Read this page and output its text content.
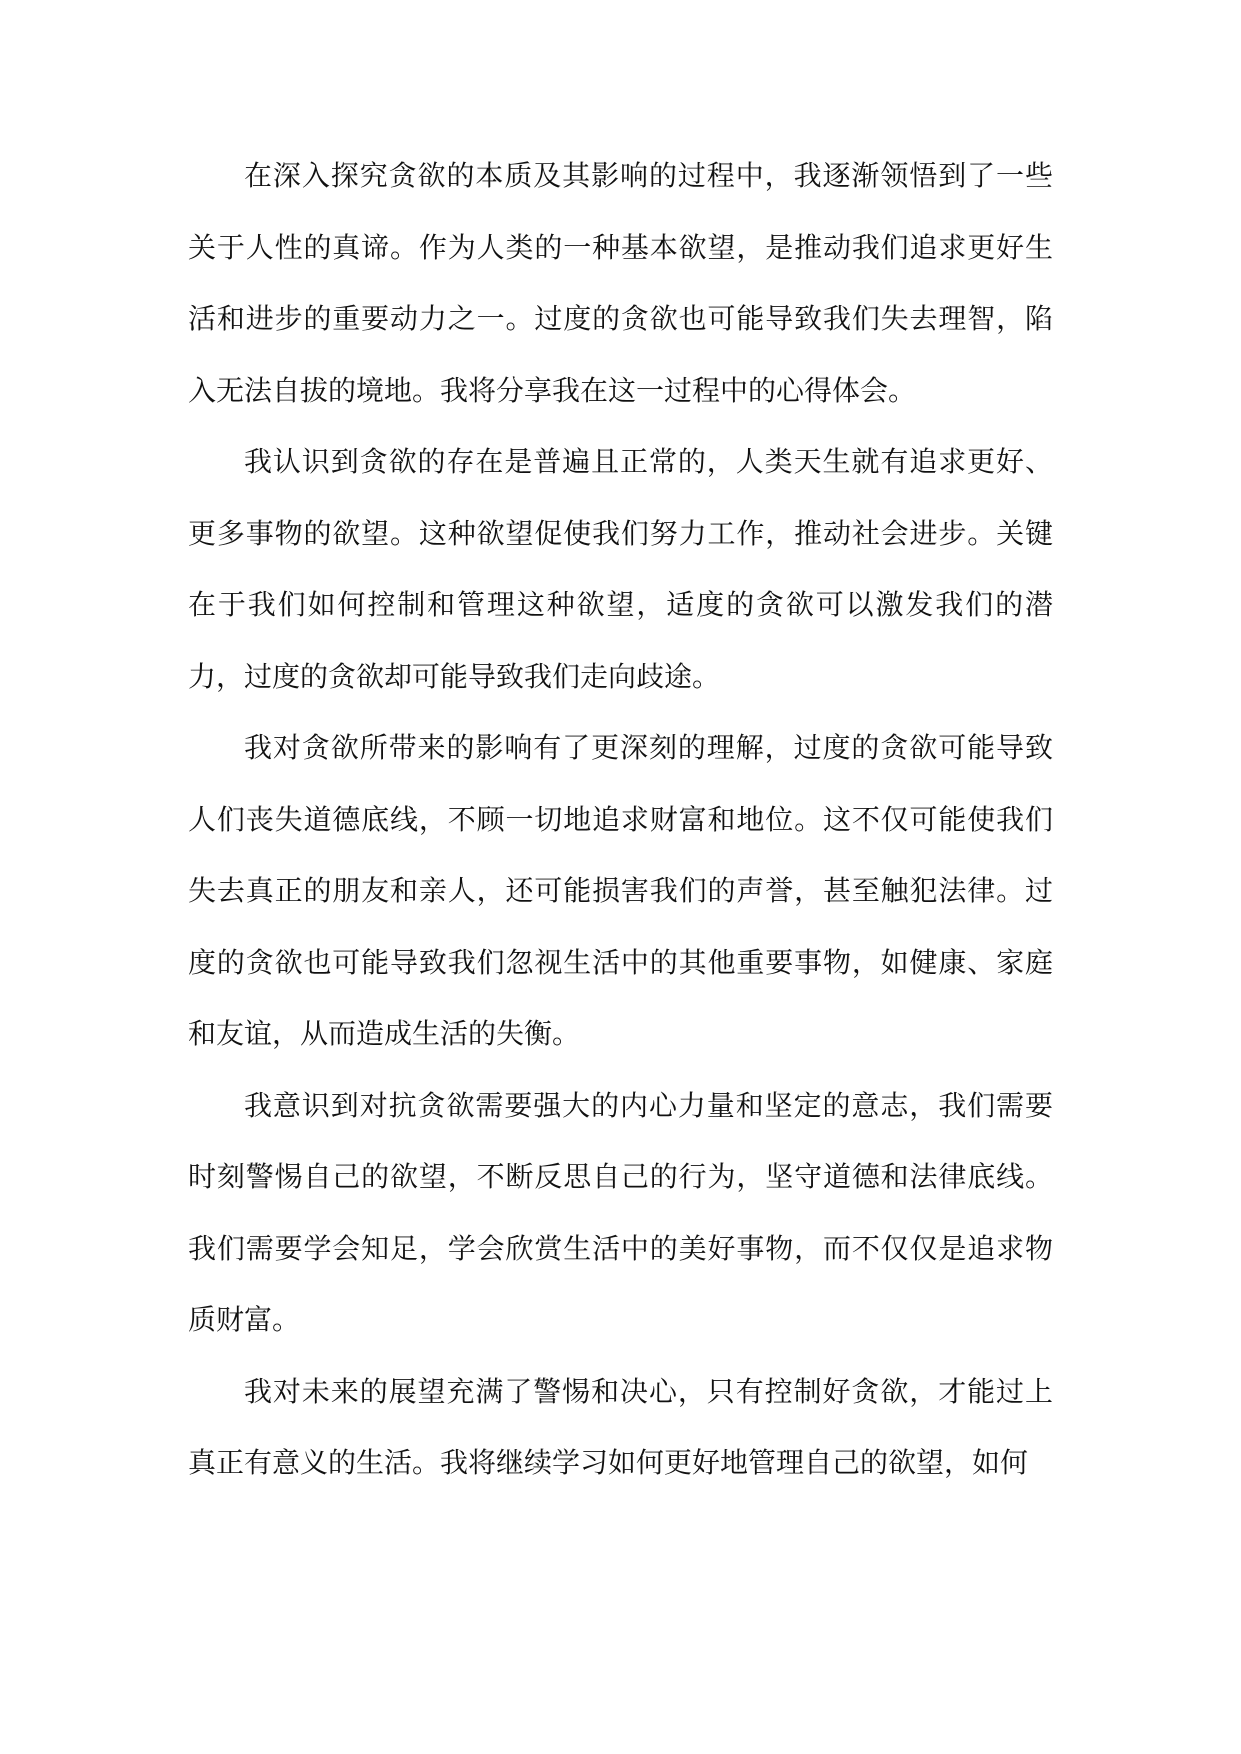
在深入探究贪欲的本质及其影响的过程中，我逐渐领悟到了一些关于人性的真谛。作为人类的一种基本欲望，是推动我们追求更好生活和进步的重要动力之一。过度的贪欲也可能导致我们失去理智，陷入无法自拔的境地。我将分享我在这一过程中的心得体会。

我认识到贪欲的存在是普遍且正常的，人类天生就有追求更好、更多事物的欲望。这种欲望促使我们努力工作，推动社会进步。关键在于我们如何控制和管理这种欲望，适度的贪欲可以激发我们的潜力，过度的贪欲却可能导致我们走向歧途。

我对贪欲所带来的影响有了更深刻的理解，过度的贪欲可能导致人们丧失道德底线，不顾一切地追求财富和地位。这不仅可能使我们失去真正的朋友和亲人，还可能损害我们的声誉，甚至触犯法律。过度的贪欲也可能导致我们忽视生活中的其他重要事物，如健康、家庭和友谊，从而造成生活的失衡。

我意识到对抗贪欲需要强大的内心力量和坚定的意志，我们需要时刻警惕自己的欲望，不断反思自己的行为，坚守道德和法律底线。我们需要学会知足，学会欣赏生活中的美好事物，而不仅仅是追求物质财富。

我对未来的展望充满了警惕和决心，只有控制好贪欲，才能过上真正有意义的生活。我将继续学习如何更好地管理自己的欲望，如何
